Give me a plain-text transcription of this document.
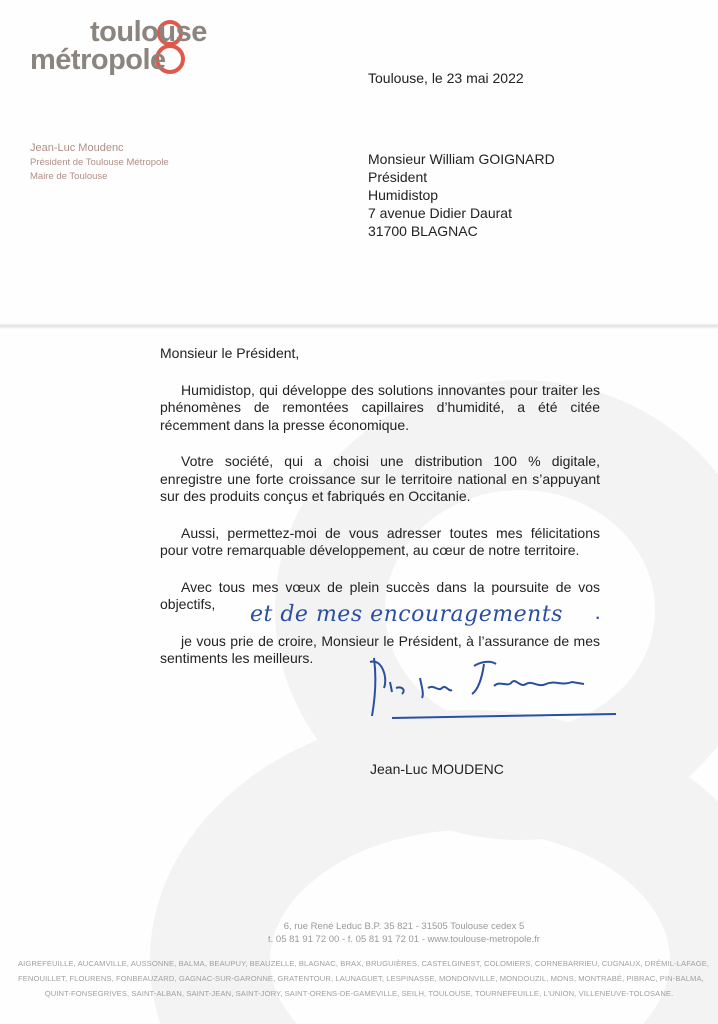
toulouse
métropole
Toulouse, le 23 mai 2022
Jean-Luc Moudenc
Président de Toulouse Métropole
Maire de Toulouse
Monsieur William GOIGNARD
Président
Humidistop
7 avenue Didier Daurat
31700 BLAGNAC

Monsieur le Président,

  Humidistop, qui développe des solutions innovantes pour traiter les phénomènes de remontées capillaires d’humidité, a été citée récemment dans la presse économique.

  Votre société, qui a choisi une distribution 100 % digitale, enregistre une forte croissance sur le territoire national en s’appuyant sur des produits conçus et fabriqués en Occitanie.

  Aussi, permettez-moi de vous adresser toutes mes félicitations pour votre remarquable développement, au cœur de notre territoire.

  Avec tous mes vœux de plein succès dans la poursuite de vos objectifs,

  je vous prie de croire, Monsieur le Président, à l’assurance de mes sentiments les meilleurs.

et de mes encouragements ·
Jean-Luc MOUDENC
6, rue René Leduc B.P. 35 821 - 31505 Toulouse cedex 5
t. 05 81 91 72 00 - f. 05 81 91 72 01 - www.toulouse-metropole.fr
AIGREFEUILLE, AUCAMVILLE, AUSSONNE, BALMA, BEAUPUY, BEAUZELLE, BLAGNAC, BRAX, BRUGUIÈRES, CASTELGINEST, COLOMIERS, CORNEBARRIEU, CUGNAUX, DRÉMIL-LAFAGE,
FENOUILLET, FLOURENS, FONBEAUZARD, GAGNAC-SUR-GARONNE, GRATENTOUR, LAUNAGUET, LESPINASSE, MONDONVILLE, MONDOUZIL, MONS, MONTRABÉ, PIBRAC, PIN-BALMA,
QUINT-FONSEGRIVES, SAINT-ALBAN, SAINT-JEAN, SAINT-JORY, SAINT-ORENS-DE-GAMEVILLE, SEILH, TOULOUSE, TOURNEFEUILLE, L’UNION, VILLENEUVE-TOLOSANE.
